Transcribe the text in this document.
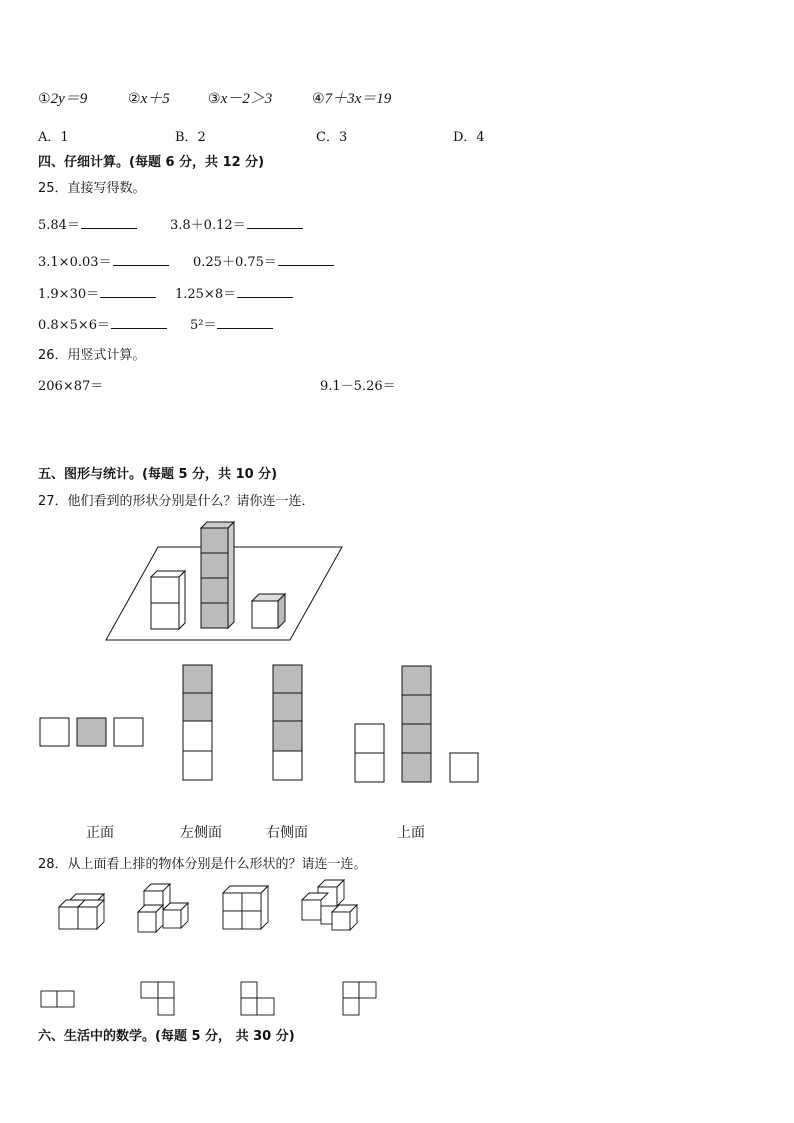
①2y＝9	②x＋5	③x－2＞3	④7＋3x＝19
A．1	B．2	C．3	D．4
四、仔细计算。(每题 6 分，共 12 分)
25．直接写得数。
5.84＝	3.8＋0.12＝
3.1×0.03＝	0.25＋0.75＝
1.9×30＝	1.25×8＝
0.8×5×6＝	5²＝
26．用竖式计算。
206×87＝	9.1－5.26＝
五、图形与统计。(每题 5 分，共 10 分)
27．他们看到的形状分别是什么？请你连一连．
正面	左侧面	右侧面	上面
28．从上面看上排的物体分别是什么形状的？请连一连。
六、生活中的数学。(每题 5 分， 共 30 分)
